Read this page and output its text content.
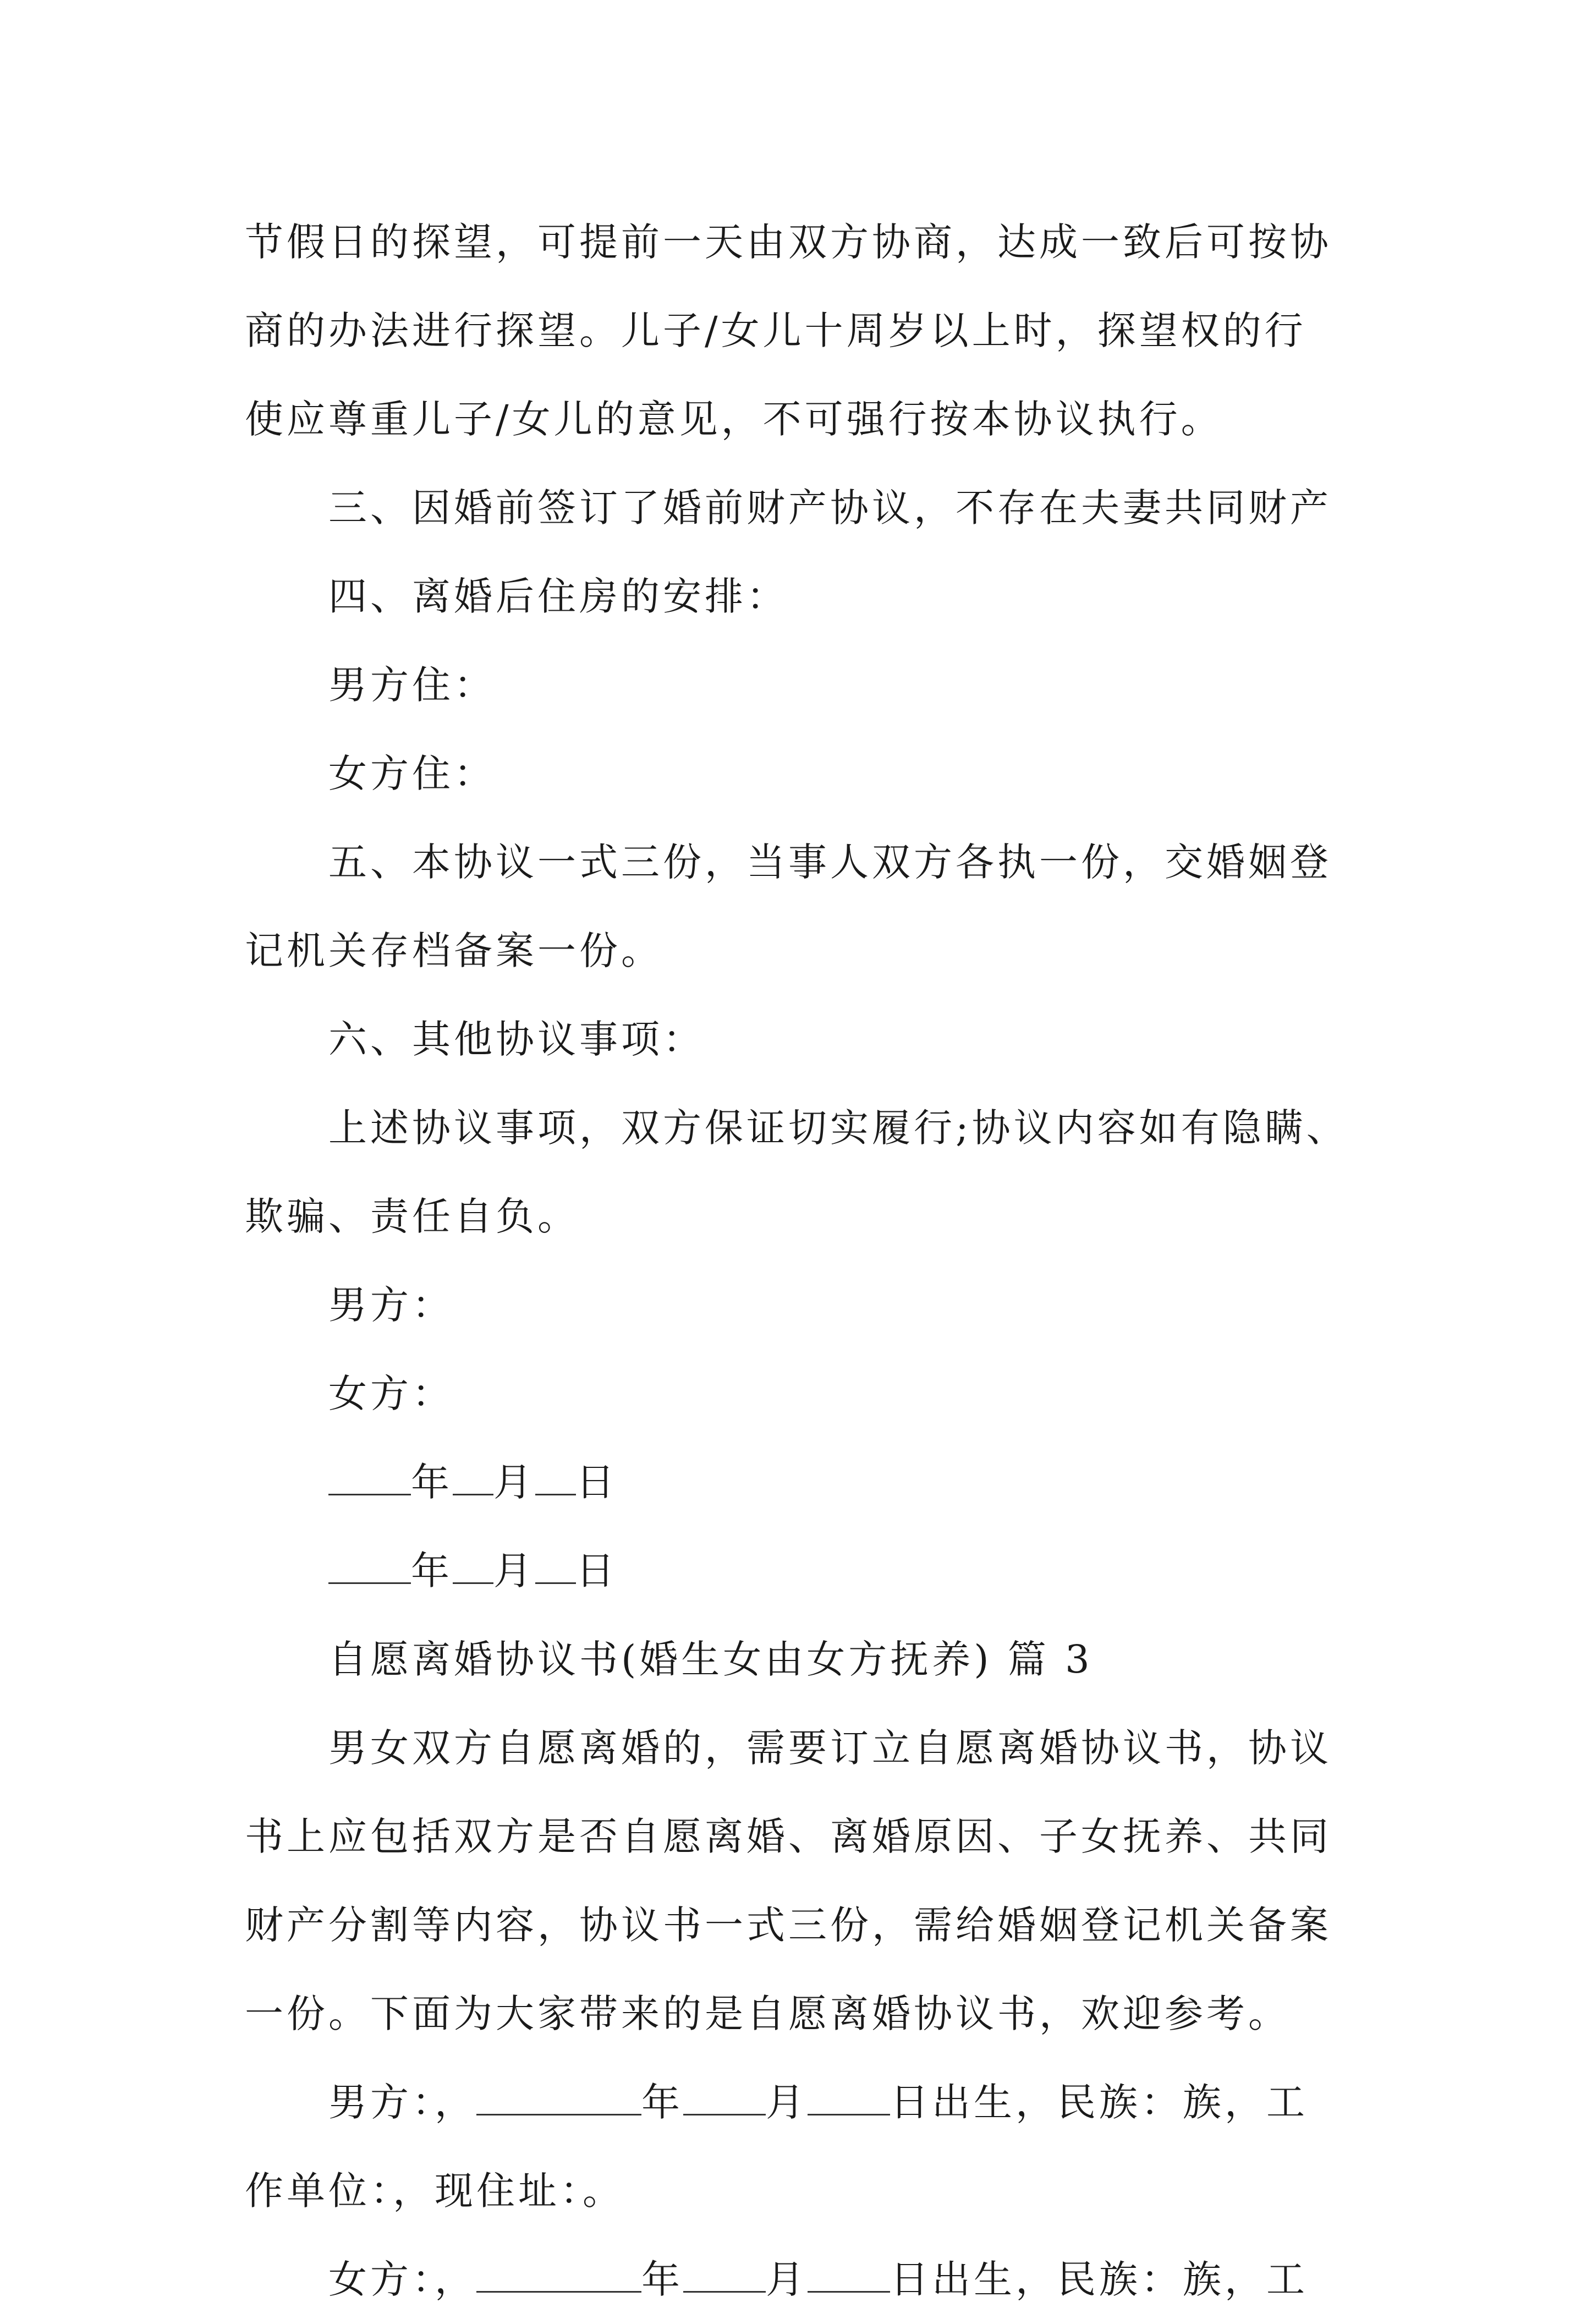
节假日的探望，可提前一天由双方协商，达成一致后可按协
商的办法进行探望。儿子/女儿十周岁以上时，探望权的行
使应尊重儿子/女儿的意见，不可强行按本协议执行。
三、因婚前签订了婚前财产协议，不存在夫妻共同财产
四、离婚后住房的安排：
男方住：
女方住：
五、本协议一式三份，当事人双方各执一份，交婚姻登
记机关存档备案一份。
六、其他协议事项：
上述协议事项，双方保证切实履行;协议内容如有隐瞒、
欺骗、责任自负。
男方：
女方：
年 月 日
年 月 日
自愿离婚协议书(婚生女由女方抚养) 篇 3
男女双方自愿离婚的，需要订立自愿离婚协议书，协议
书上应包括双方是否自愿离婚、离婚原因、子女抚养、共同
财产分割等内容，协议书一式三份，需给婚姻登记机关备案
一份。下面为大家带来的是自愿离婚协议书，欢迎参考。
男方：，	年 月 日出生，民族：族，工
作单位：，现住址：。
女方：，	年 月 日出生，民族：族，工
